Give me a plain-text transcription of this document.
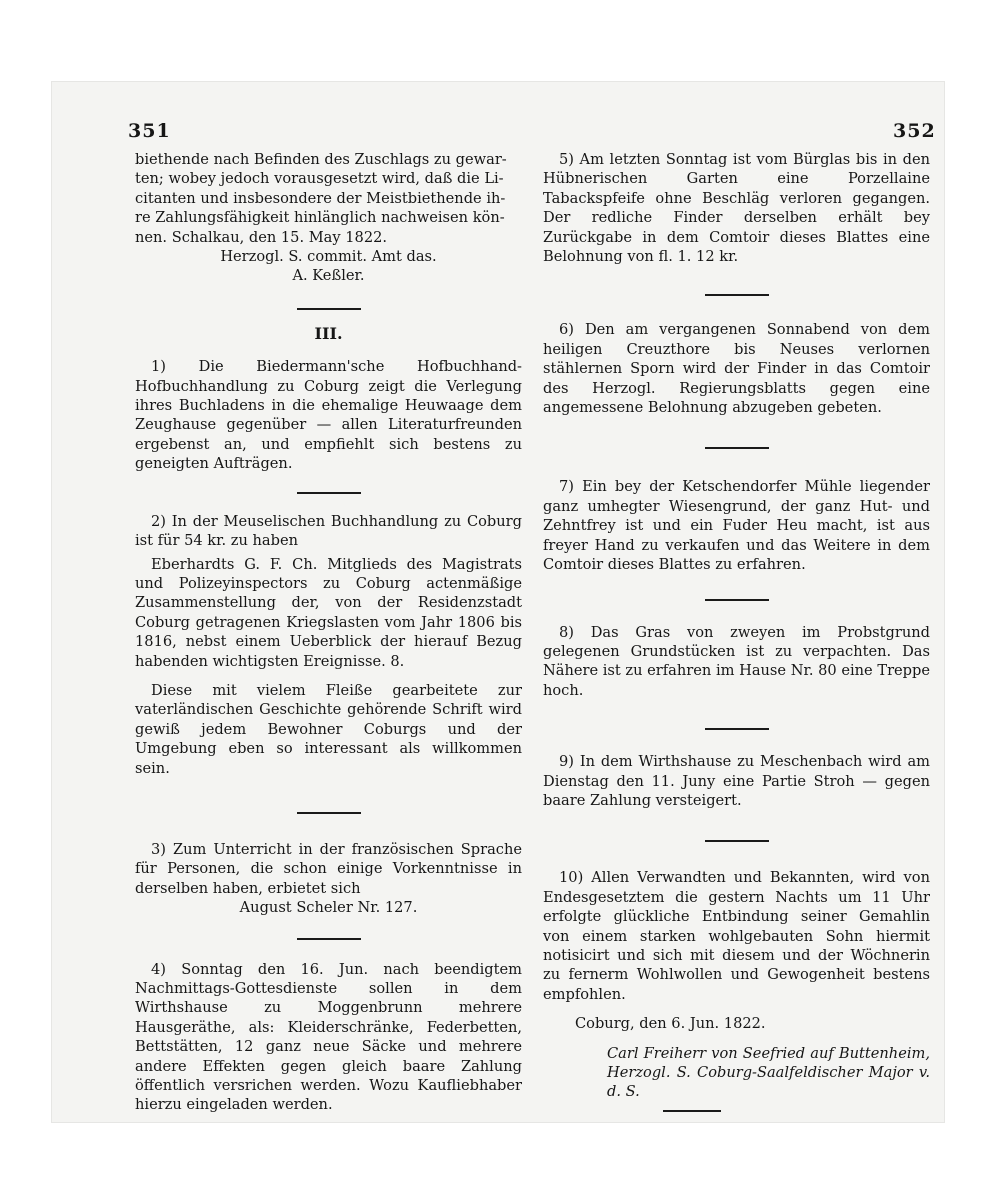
351	352

biethende nach Befinden des Zuschlags zu gewar-
ten; wobey jedoch vorausgesetzt wird, daß die Li-
citanten und insbesondere der Meistbiethende ih-
re Zahlungsfähigkeit hinlänglich nachweisen kön-
nen. Schalkau, den 15. May 1822.

Herzogl. S. commit. Amt das.
A. Keßler.
III.

1) Die Biedermann'sche Hofbuchhand- Hofbuchhandlung zu Coburg zeigt die Verlegung ihres Buchladens in die ehemalige Heuwaage dem Zeughause gegenüber — allen Literaturfreunden ergebenst an, und empfiehlt sich bestens zu geneigten Aufträgen.

2) In der Meuselischen Buchhandlung zu Coburg ist für 54 kr. zu haben

Eberhardts G. F. Ch. Mitglieds des Magistrats und Polizeyinspectors zu Coburg actenmäßige Zusammenstellung der, von der Residenzstadt Coburg getragenen Kriegslasten vom Jahr 1806 bis 1816, nebst einem Ueberblick der hierauf Bezug habenden wichtigsten Ereignisse. 8.

Diese mit vielem Fleiße gearbeitete zur vaterländischen Geschichte gehörende Schrift wird gewiß jedem Bewohner Coburgs und der Umgebung eben so interessant als willkommen sein.

3) Zum Unterricht in der französischen Sprache für Personen, die schon einige Vorkenntnisse in derselben haben, erbietet sich

August Scheler Nr. 127.

4) Sonntag den 16. Jun. nach beendigtem Nachmittags-Gottesdienste sollen in dem Wirthshause zu Moggenbrunn mehrere Hausgeräthe, als: Kleiderschränke, Federbetten, Bettstätten, 12 ganz neue Säcke und mehrere andere Effekten gegen gleich baare Zahlung öffentlich versrichen werden. Wozu Kaufliebhaber hierzu eingeladen werden.

5) Am letzten Sonntag ist vom Bürglas bis in den Hübnerischen Garten eine Porzellaine Tabackspfeife ohne Beschläg verloren gegangen. Der redliche Finder derselben erhält bey Zurückgabe in dem Comtoir dieses Blattes eine Belohnung von fl. 1. 12 kr.

6) Den am vergangenen Sonnabend von dem heiligen Creuzthore bis Neuses verlornen stählernen Sporn wird der Finder in das Comtoir des Herzogl. Regierungsblatts gegen eine angemessene Belohnung abzugeben gebeten.

7) Ein bey der Ketschendorfer Mühle liegender ganz umhegter Wiesengrund, der ganz Hut- und Zehntfrey ist und ein Fuder Heu macht, ist aus freyer Hand zu verkaufen und das Weitere in dem Comtoir dieses Blattes zu erfahren.

8) Das Gras von zweyen im Probstgrund gelegenen Grundstücken ist zu verpachten. Das Nähere ist zu erfahren im Hause Nr. 80 eine Treppe hoch.

9) In dem Wirthshause zu Meschenbach wird am Dienstag den 11. Juny eine Partie Stroh — gegen baare Zahlung versteigert.

10) Allen Verwandten und Bekannten, wird von Endesgesetztem die gestern Nachts um 11 Uhr erfolgte glückliche Entbindung seiner Gemahlin von einem starken wohlgebauten Sohn hiermit notisicirt und sich mit diesem und der Wöchnerin zu fernerm Wohlwollen und Gewogenheit bestens empfohlen.

Coburg, den 6. Jun. 1822.

Carl Freiherr von Seefried auf Buttenheim, Herzogl. S. Coburg-Saalfeldischer Major v. d. S.
